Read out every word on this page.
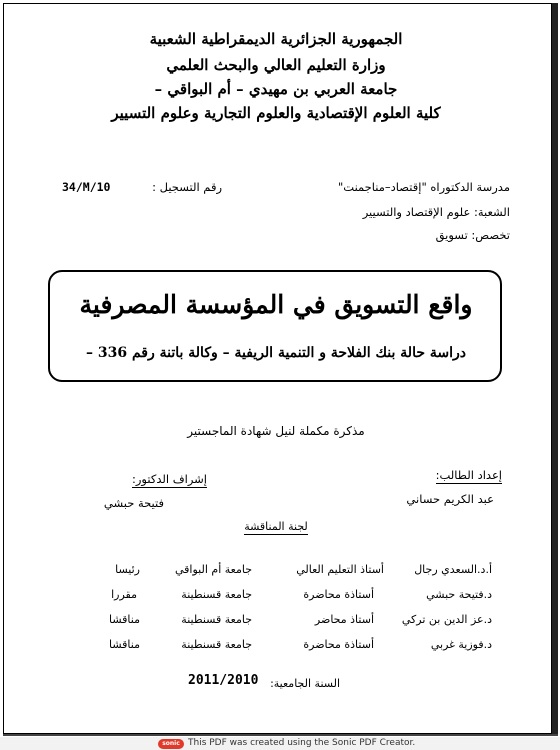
الجمهورية الجزائرية الديمقراطية الشعبية
وزارة التعليم العالي والبحث العلمي
جامعة العربي بن مهيدي – أم البواقي –
كلية العلوم الإقتصادية والعلوم التجارية وعلوم التسيير
مدرسة الدكتوراه "إقتصاد–مناجمنت"
رقم التسجيل :
34/M/10
الشعبة: علوم الإقتصاد والتسيير
تخصص: تسويق
واقع التسويق في المؤسسة المصرفية
دراسة حالة بنك الفلاحة و التنمية الريفية – وكالة باتنة رقم 336 –
مذكرة مكملة لنيل شهادة الماجستير
إعداد الطالب:
عبد الكريم حساني
إشراف الدكتور:
فتيحة حبشي
لجنة المناقشة
أ.د.السعدي رجال
أستاذ التعليم العالي
جامعة أم البواقي
رئيسا
د.فتيحة حبشي
أستاذة محاضرة
جامعة قسنطينة
مقررا
د.عز الدين بن تركي
أستاذ محاضر
جامعة قسنطينة
مناقشا
د.فوزية غربي
أستاذة محاضرة
جامعة قسنطينة
مناقشا
السنة الجامعية:
2011/2010
sonic This PDF was created using the Sonic PDF Creator.
